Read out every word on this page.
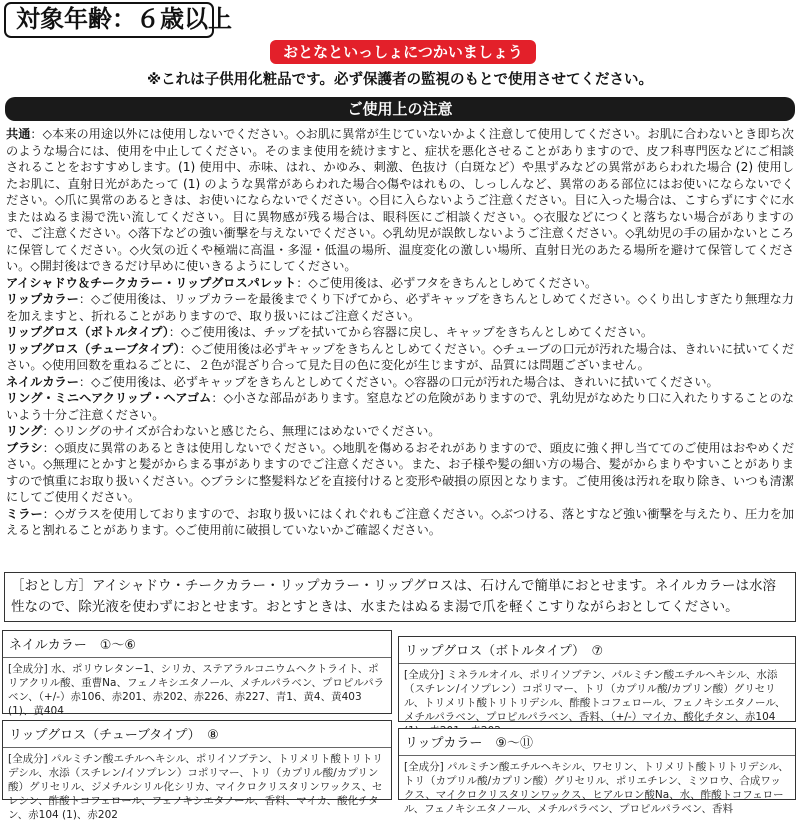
対象年齢：６歳以上
おとなといっしょにつかいましょう
※これは子供用化粧品です。必ず保護者の監視のもとで使用させてください。
ご使用上の注意

共通：◇本来の用途以外には使用しないでください。◇お肌に異常が生じていないかよく注意して使用してください。お肌に合わないとき即ち次のような場合には、使用を中止してください。そのまま使用を続けますと、症状を悪化させることがありますので、皮フ科専門医などにご相談されることをおすすめします。(1) 使用中、赤味、はれ、かゆみ、刺激、色抜け（白斑など）や黒ずみなどの異常があらわれた場合 (2) 使用したお肌に、直射日光があたって (1) のような異常があらわれた場合◇傷やはれもの、しっしんなど、異常のある部位にはお使いにならないでください。◇爪に異常のあるときは、お使いにならないでください。◇目に入らないようご注意ください。目に入った場合は、こすらずにすぐに水またはぬるま湯で洗い流してください。目に異物感が残る場合は、眼科医にご相談ください。◇衣服などにつくと落ちない場合がありますので、ご注意ください。◇落下などの強い衝撃を与えないでください。◇乳幼児が誤飲しないようご注意ください。◇乳幼児の手の届かないところに保管してください。◇火気の近くや極端に高温・多湿・低温の場所、温度変化の激しい場所、直射日光のあたる場所を避けて保管してください。◇開封後はできるだけ早めに使いきるようにしてください。

アイシャドウ＆チークカラー・リップグロスパレット：◇ご使用後は、必ずフタをきちんとしめてください。

リップカラー：◇ご使用後は、リップカラーを最後までくり下げてから、必ずキャップをきちんとしめてください。◇くり出しすぎたり無理な力を加えますと、折れることがありますので、取り扱いにはご注意ください。

リップグロス（ボトルタイプ）：◇ご使用後は、チップを拭いてから容器に戻し、キャップをきちんとしめてください。

リップグロス（チューブタイプ）：◇ご使用後は必ずキャップをきちんとしめてください。◇チューブの口元が汚れた場合は、きれいに拭いてください。◇使用回数を重ねるごとに、２色が混ざり合って見た目の色に変化が生じますが、品質には問題ございません。

ネイルカラー：◇ご使用後は、必ずキャップをきちんとしめてください。◇容器の口元が汚れた場合は、きれいに拭いてください。

リング・ミニヘアクリップ・ヘアゴム：◇小さな部品があります。窒息などの危険がありますので、乳幼児がなめたり口に入れたりすることのないよう十分ご注意ください。

リング：◇リングのサイズが合わないと感じたら、無理にはめないでください。

ブラシ：◇頭皮に異常のあるときは使用しないでください。◇地肌を傷めるおそれがありますので、頭皮に強く押し当ててのご使用はおやめください。◇無理にとかすと髪がからまる事がありますのでご注意ください。また、お子様や髪の細い方の場合、髪がからまりやすいことがありますので慎重にお取り扱いください。◇ブラシに整髪料などを直接付けると変形や破損の原因となります。ご使用後は汚れを取り除き、いつも清潔にしてご使用ください。

ミラー：◇ガラスを使用しておりますので、お取り扱いにはくれぐれもご注意ください。◇ぶつける、落とすなど強い衝撃を与えたり、圧力を加えると割れることがあります。◇ご使用前に破損していないかご確認ください。

［おとし方］アイシャドウ・チークカラー・リップカラー・リップグロスは、石けんで簡単におとせます。ネイルカラーは水溶性なので、除光液を使わずにおとせます。おとすときは、水またはぬるま湯で爪を軽くこすりながらおとしてください。
ネイルカラー　①〜⑥
[全成分] 水、ポリウレタン−1、シリカ、ステアラルコニウムヘクトライト、ポリアクリル酸、重曹Na、フェノキシエタノール、メチルパラベン、プロピルパラベン、（+/-）赤106、赤201、赤202、赤226、赤227、青1、黄4、黄403 (1)、黄404
リップグロス（ボトルタイプ）　⑦
[全成分] ミネラルオイル、ポリイソブテン、パルミチン酸エチルヘキシル、水添（スチレン/イソプレン）コポリマー、トリ（カプリル酸/カプリン酸）グリセリル、トリメリト酸トリトリデシル、酢酸トコフェロール、フェノキシエタノール、メチルパラベン、プロピルパラベン、香料、（+/-）マイカ、酸化チタン、赤104
リップグロス（チューブタイプ）　⑧
[全成分] パルミチン酸エチルヘキシル、ポリイソブテン、トリメリト酸トリトリデシル、水添（スチレン/イソプレン）コポリマー、トリ（カプリル酸/カプリン酸）グリセリル、ジメチルシリル化シリカ、マイクロクリスタリンワックス、セレシン、酢酸トコフェロール、フェノキシエタノール、香料、マイカ、酸化チタン、赤104 (1)、赤202
リップカラー　⑨〜⑪
[全成分] パルミチン酸エチルヘキシル、ワセリン、トリメリト酸トリトリデシル、トリ（カプリル酸/カプリン酸）グリセリル、ポリエチレン、ミツロウ、合成ワックス、マイクロクリスタリンワックス、ヒアルロン酸Na、水、酢酸トコフェロール、フェノキシエタノール、メチルパラベン、プロピルパラベン、香料
